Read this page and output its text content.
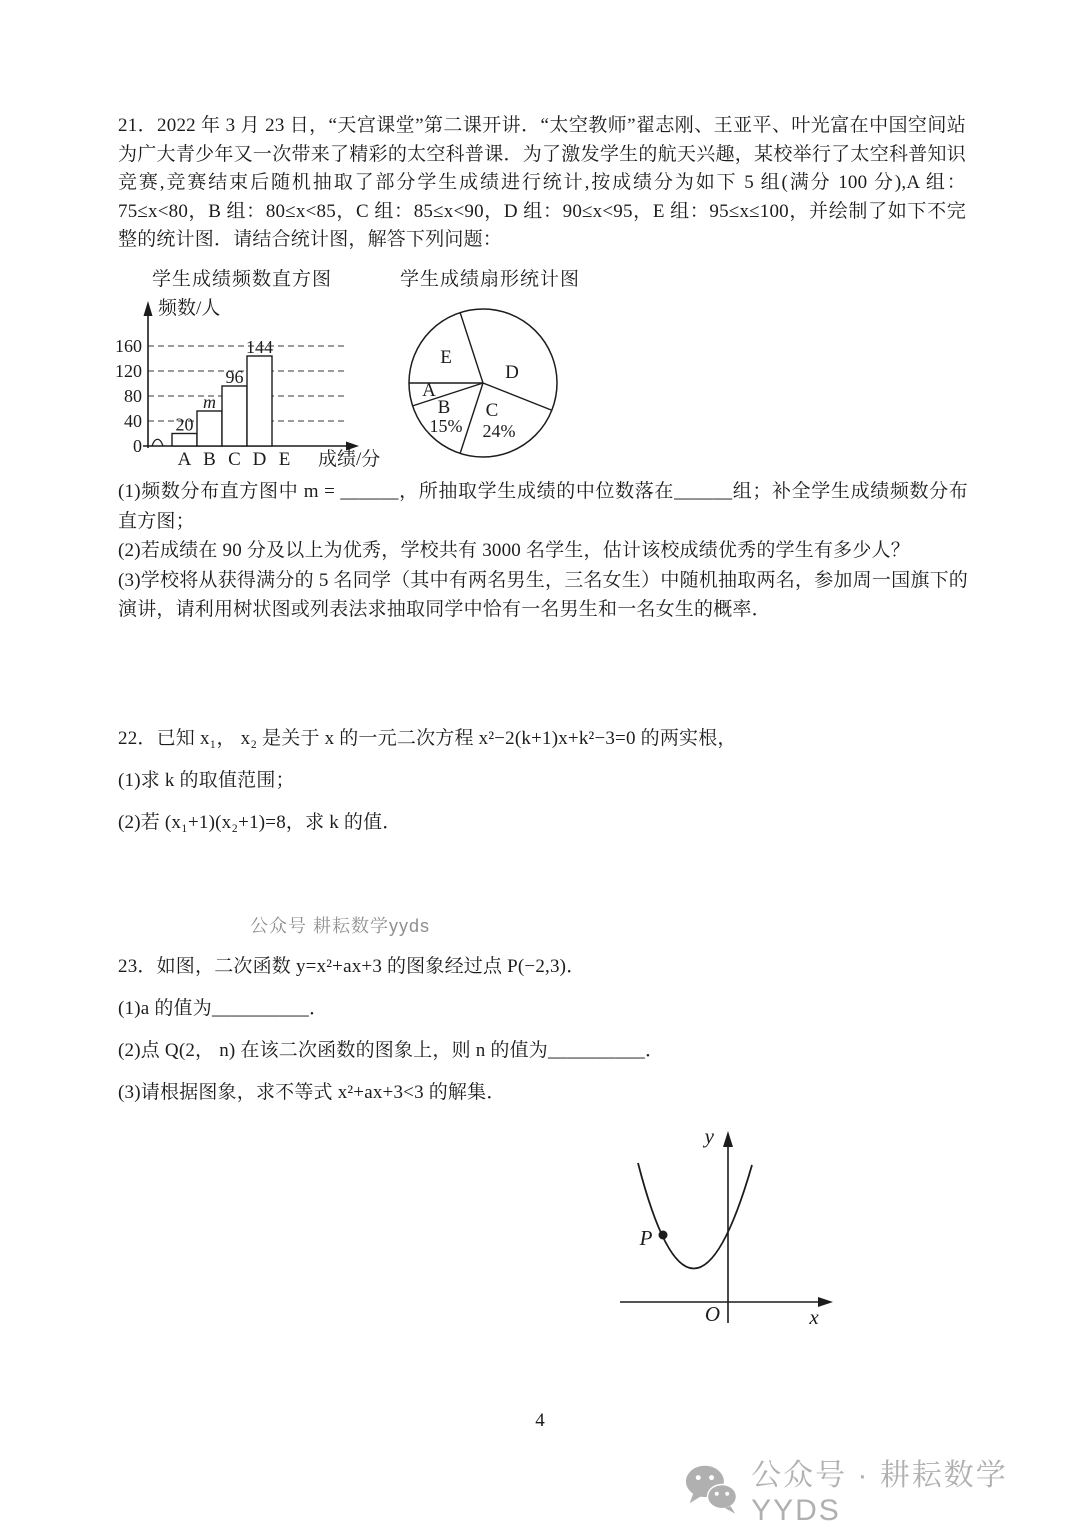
21．2022 年 3 月 23 日，“天宫课堂”第二课开讲．“太空教师”翟志刚、王亚平、叶光富在中国空间站为广大青少年又一次带来了精彩的太空科普课．为了激发学生的航天兴趣，某校举行了太空科普知识竞赛,竞赛结束后随机抽取了部分学生成绩进行统计,按成绩分为如下 5 组(满分 100 分),A 组：75≤x<80，B 组：80≤x<85，C 组：85≤x<90，D 组：90≤x<95，E 组：95≤x≤100，并绘制了如下不完整的统计图．请结合统计图，解答下列问题：
学生成绩频数直方图
0
40
80
120
160
20
m
96
144
A B C D E
频数/人
成绩/分
学生成绩扇形统计图
A
B
15%
C
24%
D
E

(1)频数分布直方图中 m = ______，所抽取学生成绩的中位数落在______组；补全学生成绩频数分布直方图；

(2)若成绩在 90 分及以上为优秀，学校共有 3000 名学生，估计该校成绩优秀的学生有多少人？

(3)学校将从获得满分的 5 名同学（其中有两名男生，三名女生）中随机抽取两名，参加周一国旗下的演讲，请利用树状图或列表法求抽取同学中恰有一名男生和一名女生的概率．

22．已知 x₁， x₂ 是关于 x 的一元二次方程 x²−2(k+1)x+k²−3=0 的两实根，

(1)求 k 的取值范围；

(2)若 (x₁+1)(x₂+1)=8，求 k 的值．

公众号 耕耘数学yyds

23．如图，二次函数 y=x²+ax+3 的图象经过点 P(−2,3)．

(1)a 的值为__________．

(2)点 Q(2， n) 在该二次函数的图象上，则 n 的值为__________．

(3)请根据图象，求不等式 x²+ax+3<3 的解集．

P
y
x
O
4
公众号 · 耕耘数学YYDS
